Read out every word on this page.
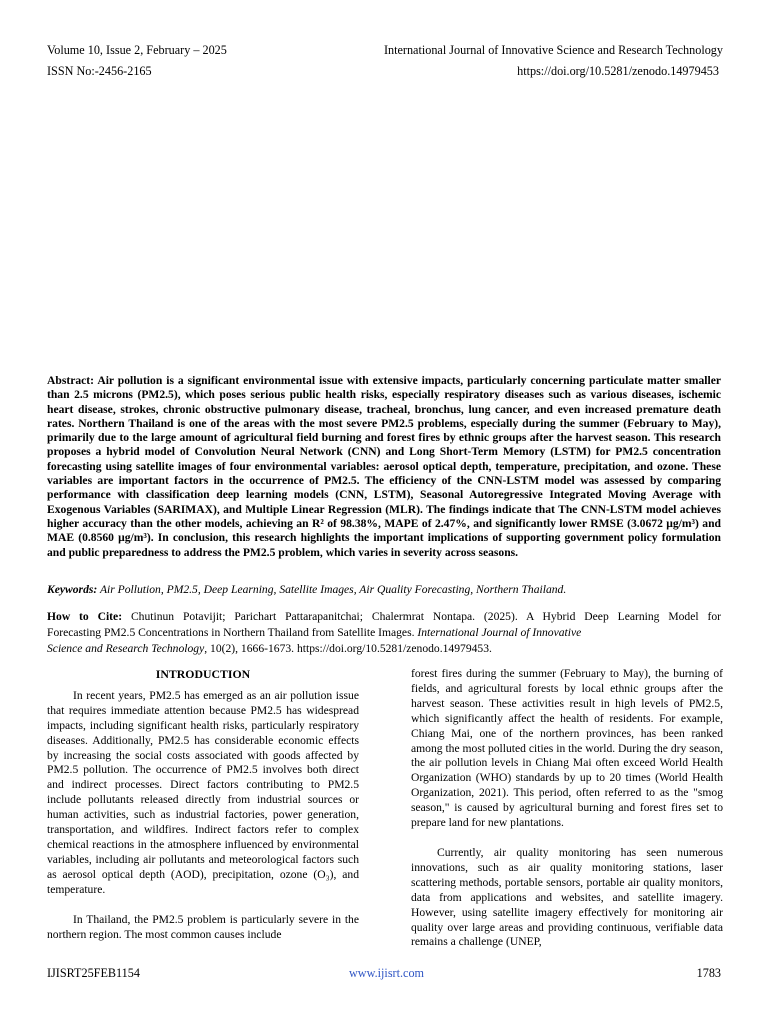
Volume 10, Issue 2, February – 2025	International Journal of Innovative Science and Research Technology
ISSN No:-2456-2165	https://doi.org/10.5281/zenodo.14979453
Abstract: Air pollution is a significant environmental issue with extensive impacts, particularly concerning particulate matter smaller than 2.5 microns (PM2.5), which poses serious public health risks, especially respiratory diseases such as various diseases, ischemic heart disease, strokes, chronic obstructive pulmonary disease, tracheal, bronchus, lung cancer, and even increased premature death rates. Northern Thailand is one of the areas with the most severe PM2.5 problems, especially during the summer (February to May), primarily due to the large amount of agricultural field burning and forest fires by ethnic groups after the harvest season. This research proposes a hybrid model of Convolution Neural Network (CNN) and Long Short-Term Memory (LSTM) for PM2.5 concentration forecasting using satellite images of four environmental variables: aerosol optical depth, temperature, precipitation, and ozone. These variables are important factors in the occurrence of PM2.5. The efficiency of the CNN-LSTM model was assessed by comparing performance with classification deep learning models (CNN, LSTM), Seasonal Autoregressive Integrated Moving Average with Exogenous Variables (SARIMAX), and Multiple Linear Regression (MLR). The findings indicate that The CNN-LSTM model achieves higher accuracy than the other models, achieving an R² of 98.38%, MAPE of 2.47%, and significantly lower RMSE (3.0672 μg/m³) and MAE (0.8560 μg/m³). In conclusion, this research highlights the important implications of supporting government policy formulation and public preparedness to address the PM2.5 problem, which varies in severity across seasons.
Keywords: Air Pollution, PM2.5, Deep Learning, Satellite Images, Air Quality Forecasting, Northern Thailand.
How to Cite: Chutinun Potavijit; Parichart Pattarapanitchai; Chalermrat Nontapa. (2025). A Hybrid Deep Learning Model for
Forecasting PM2.5 Concentrations in Northern Thailand from Satellite Images. International Journal of Innovative
Science and Research Technology, 10(2), 1666-1673. https://doi.org/10.5281/zenodo.14979453.
INTRODUCTION

In recent years, PM2.5 has emerged as an air pollution issue that requires immediate attention because PM2.5 has widespread impacts, including significant health risks, particularly respiratory diseases. Additionally, PM2.5 has considerable economic effects by increasing the social costs associated with goods affected by PM2.5 pollution. The occurrence of PM2.5 involves both direct and indirect processes. Direct factors contributing to PM2.5 include pollutants released directly from industrial sources or human activities, such as industrial factories, power generation, transportation, and wildfires. Indirect factors refer to complex chemical reactions in the atmosphere influenced by environmental variables, including air pollutants and meteorological factors such as aerosol optical depth (AOD), precipitation, ozone (O₃), and temperature.

In Thailand, the PM2.5 problem is particularly severe in the northern region. The most common causes include

forest fires during the summer (February to May), the burning of fields, and agricultural forests by local ethnic groups after the harvest season. These activities result in high levels of PM2.5, which significantly affect the health of residents. For example, Chiang Mai, one of the northern provinces, has been ranked among the most polluted cities in the world. During the dry season, the air pollution levels in Chiang Mai often exceed World Health Organization (WHO) standards by up to 20 times (World Health Organization, 2021). This period, often referred to as the "smog season," is caused by agricultural burning and forest fires set to prepare land for new plantations.

Currently, air quality monitoring has seen numerous innovations, such as air quality monitoring stations, laser scattering methods, portable sensors, portable air quality monitors, data from applications and websites, and satellite imagery. However, using satellite imagery effectively for monitoring air quality over large areas and providing continuous, verifiable data remains a challenge (UNEP,

IJISRT25FEB1154	www.ijisrt.com	1783
